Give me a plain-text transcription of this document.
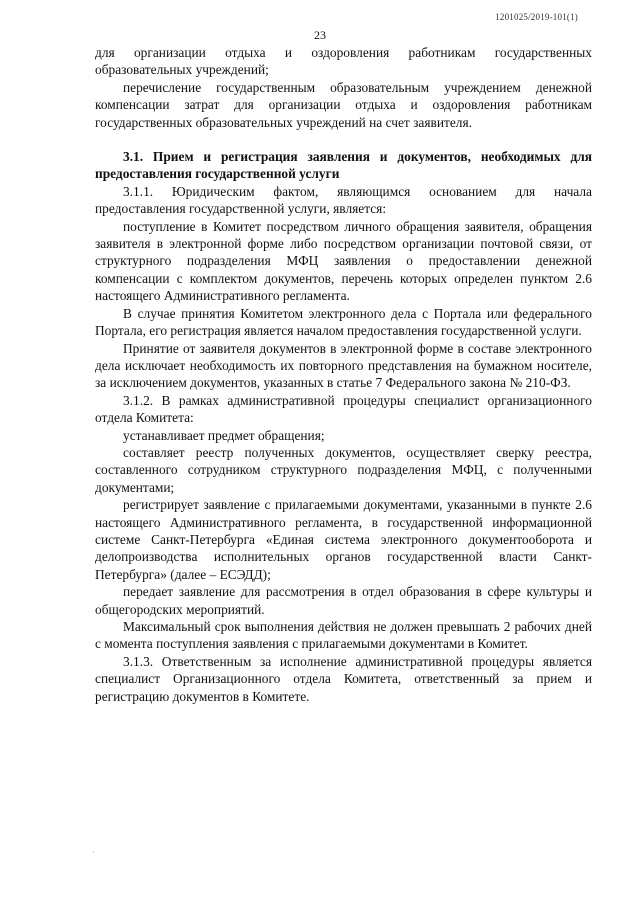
1201025/2019-101(1)
23

для организации отдыха и оздоровления работникам государственных образовательных учреждений;

перечисление государственным образовательным учреждением денежной компенсации затрат для организации отдыха и оздоровления работникам государственных образовательных учреждений на счет заявителя.

3.1. Прием и регистрация заявления и документов, необходимых для предоставления государственной услуги

3.1.1. Юридическим фактом, являющимся основанием для начала предоставления государственной услуги, является:

поступление в Комитет посредством личного обращения заявителя, обращения заявителя в электронной форме либо посредством организации почтовой связи, от структурного подразделения МФЦ заявления о предоставлении денежной компенсации с комплектом документов, перечень которых определен пунктом 2.6 настоящего Административного регламента.

В случае принятия Комитетом электронного дела с Портала или федерального Портала, его регистрация является началом предоставления государственной услуги.

Принятие от заявителя документов в электронной форме в составе электронного дела исключает необходимость их повторного представления на бумажном носителе, за исключением документов, указанных в статье 7 Федерального закона № 210-ФЗ.

3.1.2. В рамках административной процедуры специалист организационного отдела Комитета:

устанавливает предмет обращения;

составляет реестр полученных документов, осуществляет сверку реестра, составленного сотрудником структурного подразделения МФЦ, с полученными документами;

регистрирует заявление с прилагаемыми документами, указанными в пункте 2.6 настоящего Административного регламента, в государственной информационной системе Санкт-Петербурга «Единая система электронного документооборота и делопроизводства исполнительных органов государственной власти Санкт-Петербурга» (далее – ЕСЭДД);

передает заявление для рассмотрения в отдел образования в сфере культуры и общегородских мероприятий.

Максимальный срок выполнения действия не должен превышать 2 рабочих дней с момента поступления заявления с прилагаемыми документами в Комитет.

3.1.3. Ответственным за исполнение административной процедуры является специалист Организационного отдела Комитета, ответственный за прием и регистрацию документов в Комитете.

·
